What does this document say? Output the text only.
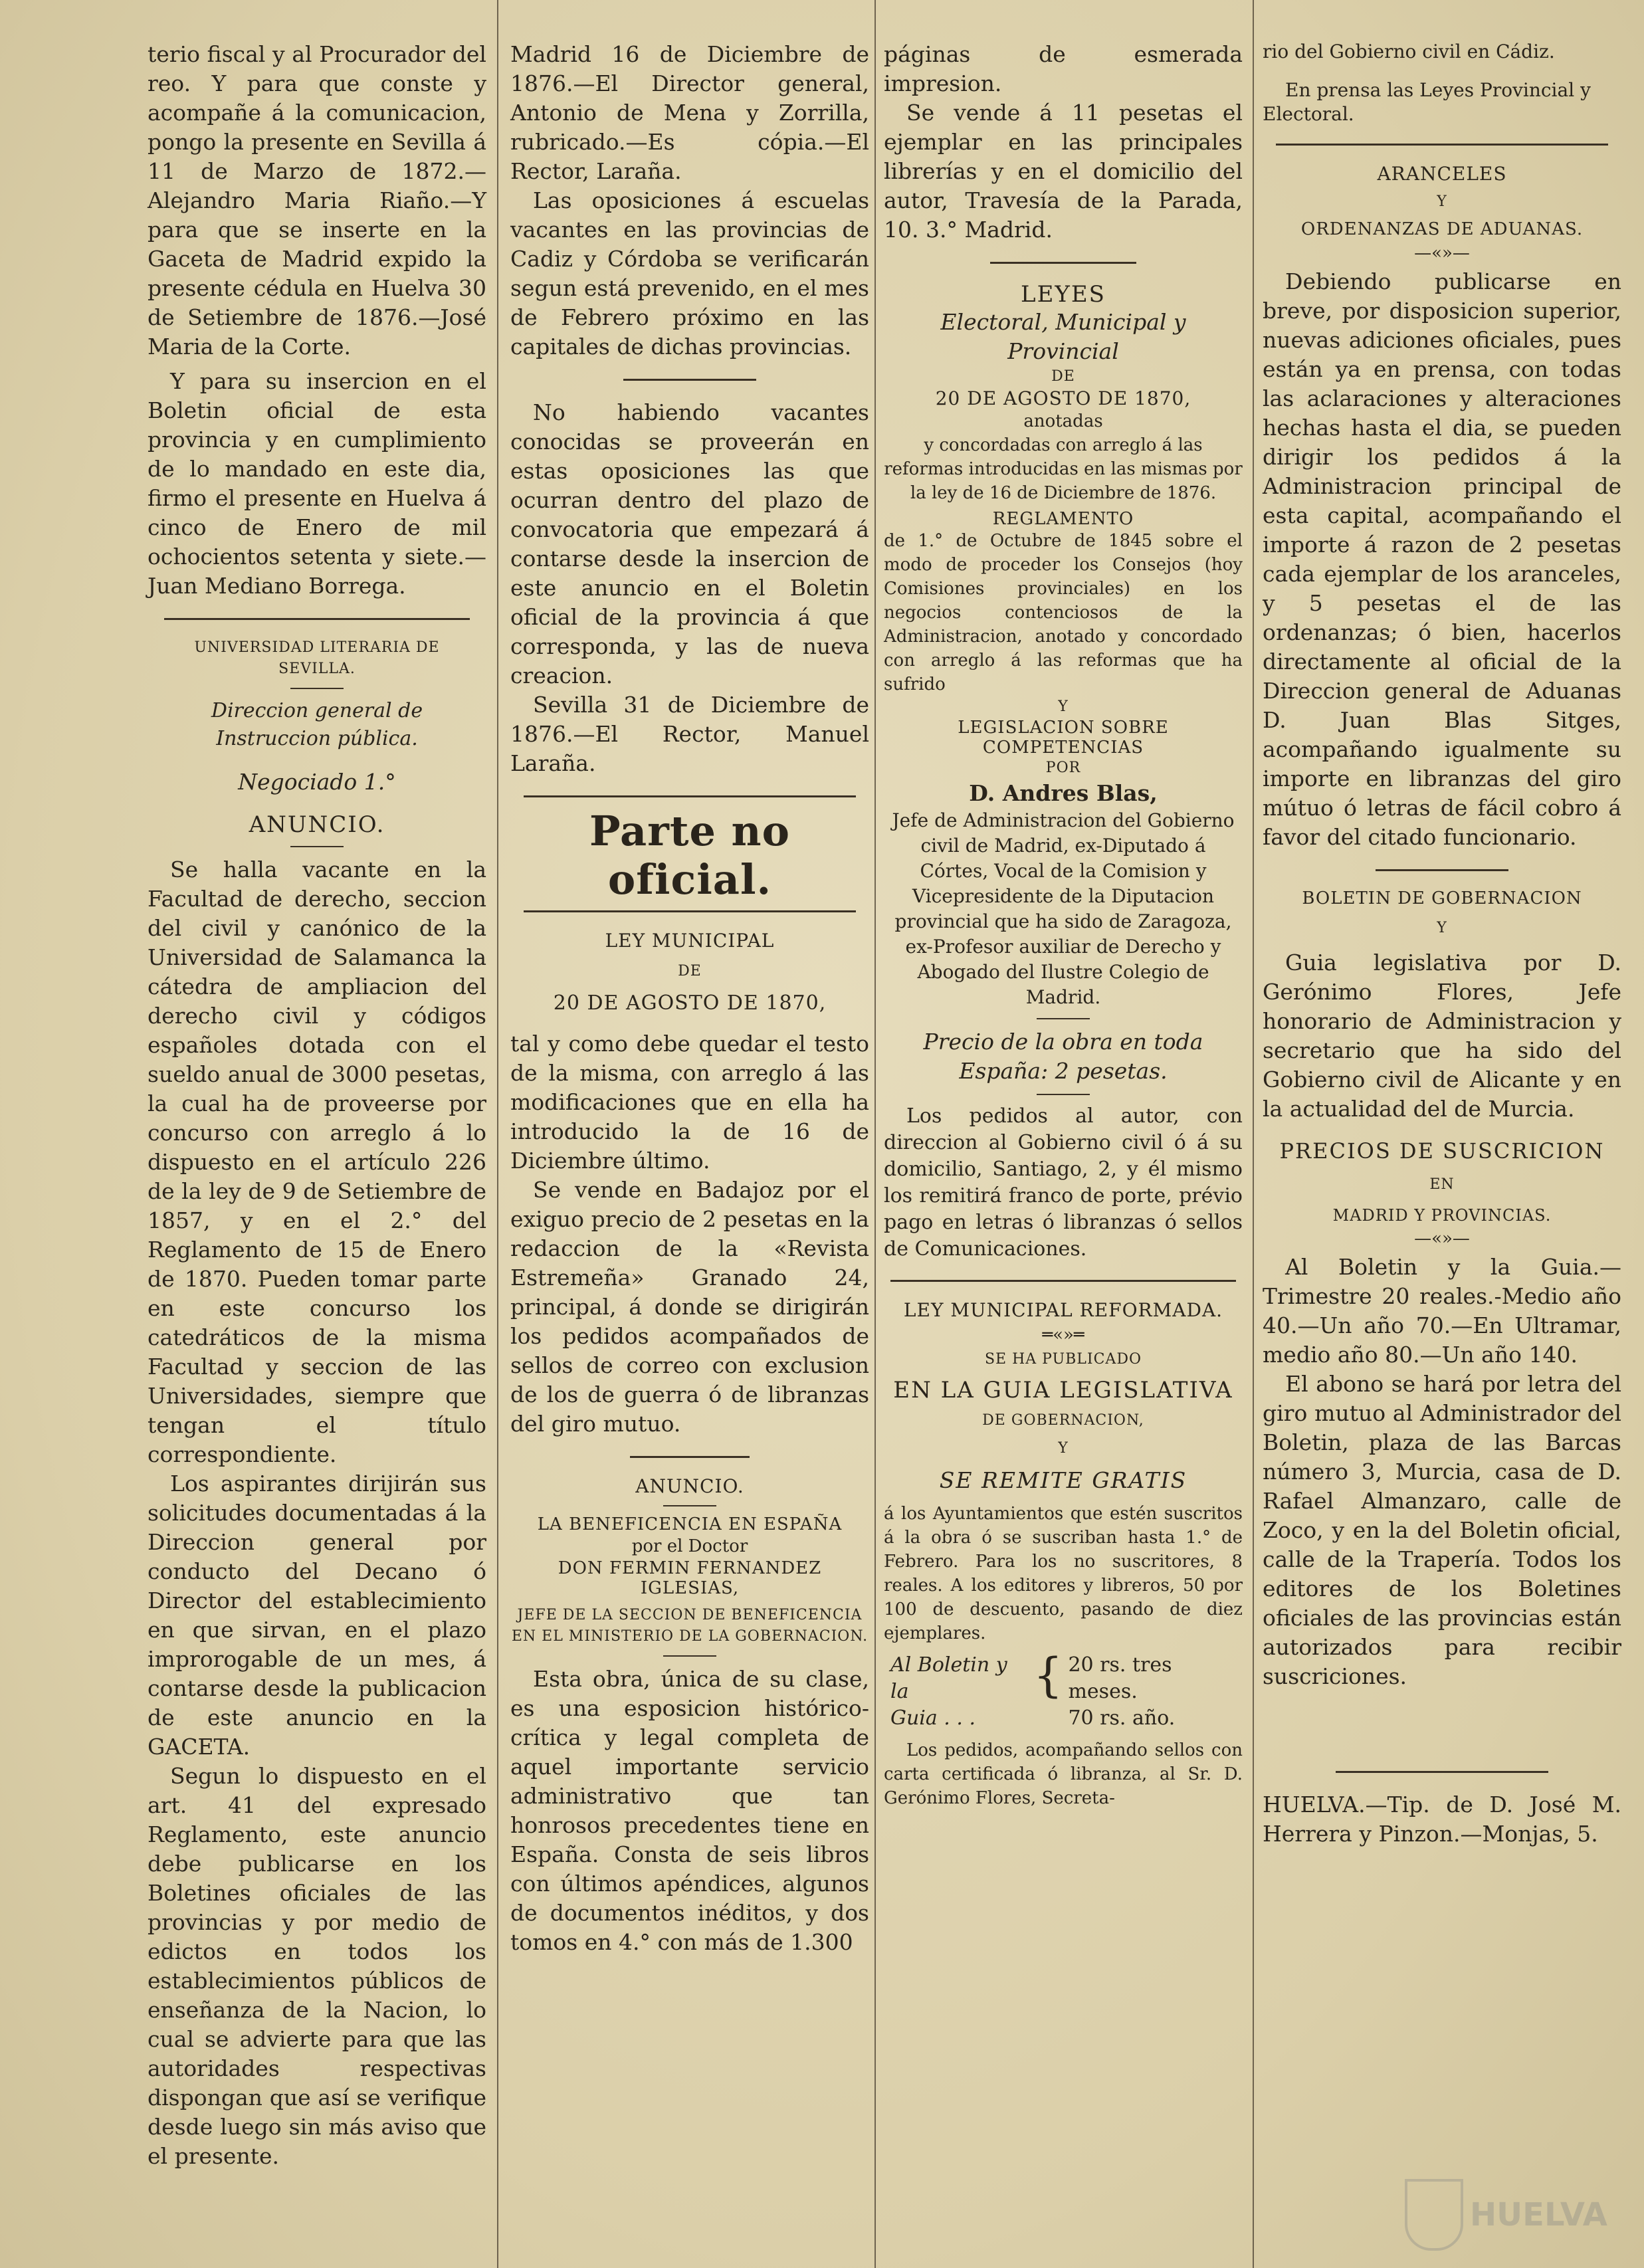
terio fiscal y al Procurador del reo. Y para que conste y acompañe á la comunicacion, pongo la presente en Sevilla á 11 de Marzo de 1872.—Alejandro Maria Riaño.—Y para que se inserte en la Gaceta de Madrid expido la presente cédula en Huelva 30 de Setiembre de 1876.—José Maria de la Corte.

Y para su insercion en el Boletin oficial de esta provincia y en cumplimiento de lo mandado en este dia, firmo el presente en Huelva á cinco de Enero de mil ochocientos setenta y siete.—Juan Mediano Borrega.

UNIVERSIDAD LITERARIA DE SEVILLA.

Direccion general de Instruccion pública.

Negociado 1.°

ANUNCIO.

Se halla vacante en la Facultad de derecho, seccion del civil y canónico de la Universidad de Salamanca la cátedra de ampliacion del derecho civil y códigos españoles dotada con el sueldo anual de 3000 pesetas, la cual ha de proveerse por concurso con arreglo á lo dispuesto en el artículo 226 de la ley de 9 de Setiembre de 1857, y en el 2.° del Reglamento de 15 de Enero de 1870. Pueden tomar parte en este concurso los catedráticos de la misma Facultad y seccion de las Universidades, siempre que tengan el título correspondiente.

Los aspirantes dirijirán sus solicitudes documentadas á la Direccion general por conducto del Decano ó Director del establecimiento en que sirvan, en el plazo improrogable de un mes, á contarse desde la publicacion de este anuncio en la GACETA.

Segun lo dispuesto en el art. 41 del expresado Reglamento, este anuncio debe publicarse en los Boletines oficiales de las provincias y por medio de edictos en todos los establecimientos públicos de enseñanza de la Nacion, lo cual se advierte para que las autoridades respectivas dispongan que así se verifique desde luego sin más aviso que el presente.

Madrid 16 de Diciembre de 1876.—El Director general, Antonio de Mena y Zorrilla, rubricado.—Es cópia.—El Rector, Laraña.

Las oposiciones á escuelas vacantes en las provincias de Cadiz y Córdoba se verificarán segun está prevenido, en el mes de Febrero próximo en las capitales de dichas provincias.

No habiendo vacantes conocidas se proveerán en estas oposiciones las que ocurran dentro del plazo de convocatoria que empezará á contarse desde la insercion de este anuncio en el Boletin oficial de la provincia á que corresponda, y las de nueva creacion.

Sevilla 31 de Diciembre de 1876.—El Rector, Manuel Laraña.

Parte no oficial.

LEY MUNICIPAL

DE

20 DE AGOSTO DE 1870,

tal y como debe quedar el testo de la misma, con arreglo á las modificaciones que en ella ha introducido la de 16 de Diciembre último.

Se vende en Badajoz por el exiguo precio de 2 pesetas en la redaccion de la «Revista Estremeña» Granado 24, principal, á donde se dirigirán los pedidos acompañados de sellos de correo con exclusion de los de guerra ó de libranzas del giro mutuo.

ANUNCIO.

LA BENEFICENCIA EN ESPAÑA

por el Doctor

DON FERMIN FERNANDEZ IGLESIAS,

JEFE DE LA SECCION DE BENEFICENCIA EN EL MINISTERIO DE LA GOBERNACION.

Esta obra, única de su clase, es una esposicion histórico-crítica y legal completa de aquel importante servicio administrativo que tan honrosos precedentes tiene en España. Consta de seis libros con últimos apéndices, algunos de documentos inéditos, y dos tomos en 4.° con más de 1.300

páginas de esmerada impresion.

Se vende á 11 pesetas el ejemplar en las principales librerías y en el domicilio del autor, Travesía de la Parada, 10. 3.° Madrid.

LEYES

Electoral, Municipal y Provincial

DE

20 DE AGOSTO DE 1870,

anotadas

y concordadas con arreglo á las reformas introducidas en las mismas por la ley de 16 de Diciembre de 1876.

REGLAMENTO

de 1.° de Octubre de 1845 sobre el modo de proceder los Consejos (hoy Comisiones provinciales) en los negocios contenciosos de la Administracion, anotado y concordado con arreglo á las reformas que ha sufrido

Y

LEGISLACION SOBRE COMPETENCIAS

POR

D. Andres Blas,

Jefe de Administracion del Gobierno civil de Madrid, ex-Diputado á Córtes, Vocal de la Comision y Vicepresidente de la Diputacion provincial que ha sido de Zaragoza, ex-Profesor auxiliar de Derecho y Abogado del Ilustre Colegio de Madrid.

Precio de la obra en toda España: 2 pesetas.

Los pedidos al autor, con direccion al Gobierno civil ó á su domicilio, Santiago, 2, y él mismo los remitirá franco de porte, prévio pago en letras ó libranzas ó sellos de Comunicaciones.

LEY MUNICIPAL REFORMADA.

═«»═

SE HA PUBLICADO

EN LA GUIA LEGISLATIVA

DE GOBERNACION,

Y

SE REMITE GRATIS

á los Ayuntamientos que estén suscritos á la obra ó se suscriban hasta 1.° de Febrero. Para los no suscritores, 8 reales. A los editores y libreros, 50 por 100 de descuento, pasando de diez ejemplares.

Al Boletin y la
Guia . . .
{ 20 rs. tres meses.
70 rs. año.

Los pedidos, acompañando sellos con carta certificada ó libranza, al Sr. D. Gerónimo Flores, Secreta-

rio del Gobierno civil en Cádiz.

En prensa las Leyes Provincial y Electoral.

ARANCELES

Y

ORDENANZAS DE ADUANAS.

—«»—

Debiendo publicarse en breve, por disposicion superior, nuevas adiciones oficiales, pues están ya en prensa, con todas las aclaraciones y alteraciones hechas hasta el dia, se pueden dirigir los pedidos á la Administracion principal de esta capital, acompañando el importe á razon de 2 pesetas cada ejemplar de los aranceles, y 5 pesetas el de las ordenanzas; ó bien, hacerlos directamente al oficial de la Direccion general de Aduanas D. Juan Blas Sitges, acompañando igualmente su importe en libranzas del giro mútuo ó letras de fácil cobro á favor del citado funcionario.

BOLETIN DE GOBERNACION

Y

Guia legislativa por D. Gerónimo Flores, Jefe honorario de Administracion y secretario que ha sido del Gobierno civil de Alicante y en la actualidad del de Murcia.

PRECIOS DE SUSCRICION

EN

MADRID Y PROVINCIAS.

—«»—

Al Boletin y la Guia.—Trimestre 20 reales.-Medio año 40.—Un año 70.—En Ultramar, medio año 80.—Un año 140.

El abono se hará por letra del giro mutuo al Administrador del Boletin, plaza de las Barcas número 3, Murcia, casa de D. Rafael Almanzaro, calle de Zoco, y en la del Boletin oficial, calle de la Trapería. Todos los editores de los Boletines oficiales de las provincias están autorizados para recibir suscriciones.

HUELVA.—Tip. de D. José M. Herrera y Pinzon.—Monjas, 5.

HUELVA
